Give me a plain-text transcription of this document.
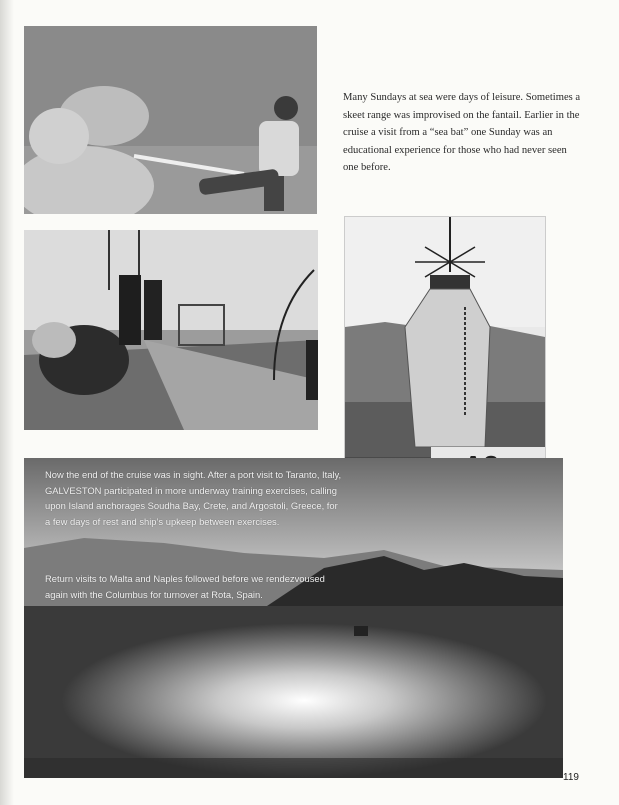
Many Sundays at sea were days of leisure. Sometimes a skeet range was improvised on the fantail. Earlier in the cruise a visit from a “sea bat” one Sunday was an educational experience for those who had never seen one before.

Now the end of the cruise was in sight. After a port visit to Taranto, Italy, GALVESTON participated in more underway training exercises, calling upon Island anchorages Soudha Bay, Crete, and Argostoli, Greece, for a few days of rest and ship’s upkeep between exercises.

Return visits to Malta and Naples followed before we rendezvoused again with the Columbus for turnover at Rota, Spain.

119
